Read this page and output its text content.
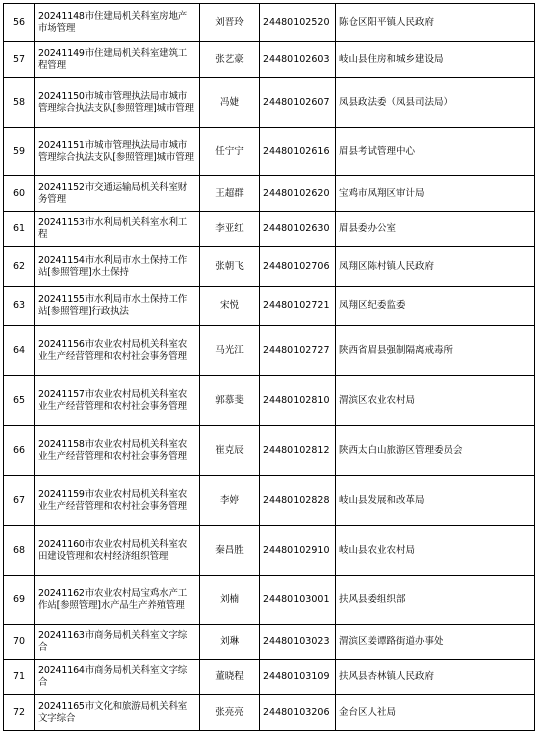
56	20241148市住建局机关科室房地产市场管理	刘晋玲	24480102520	陈仓区阳平镇人民政府
57	20241149市住建局机关科室建筑工程管理	张艺豪	24480102603	岐山县住房和城乡建设局
58	20241150市城市管理执法局市城市管理综合执法支队[参照管理]城市管理	冯婕	24480102607	凤县政法委（凤县司法局）
59	20241151市城市管理执法局市城市管理综合执法支队[参照管理]城市管理	任宁宁	24480102616	眉县考试管理中心
60	20241152市交通运输局机关科室财务管理	王超群	24480102620	宝鸡市凤翔区审计局
61	20241153市水利局机关科室水利工程	李亚红	24480102630	眉县委办公室
62	20241154市水利局市水土保持工作站[参照管理]水土保持	张朝飞	24480102706	凤翔区陈村镇人民政府
63	20241155市水利局市水土保持工作站[参照管理]行政执法	宋悦	24480102721	凤翔区纪委监委
64	20241156市农业农村局机关科室农业生产经营管理和农村社会事务管理	马光江	24480102727	陕西省眉县强制隔离戒毒所
65	20241157市农业农村局机关科室农业生产经营管理和农村社会事务管理	郭慕斐	24480102810	渭滨区农业农村局
66	20241158市农业农村局机关科室农业生产经营管理和农村社会事务管理	崔克辰	24480102812	陕西太白山旅游区管理委员会
67	20241159市农业农村局机关科室农业生产经营管理和农村社会事务管理	李婷	24480102828	岐山县发展和改革局
68	20241160市农业农村局机关科室农田建设管理和农村经济组织管理	秦昌胜	24480102910	岐山县农业农村局
69	20241162市农业农村局宝鸡水产工作站[参照管理]水产品生产养殖管理	刘楠	24480103001	扶风县委组织部
70	20241163市商务局机关科室文字综合	刘琳	24480103023	渭滨区姜谭路街道办事处
71	20241164市商务局机关科室文字综合	董晓程	24480103109	扶风县杏林镇人民政府
72	20241165市文化和旅游局机关科室文字综合	张亮亮	24480103206	金台区人社局
